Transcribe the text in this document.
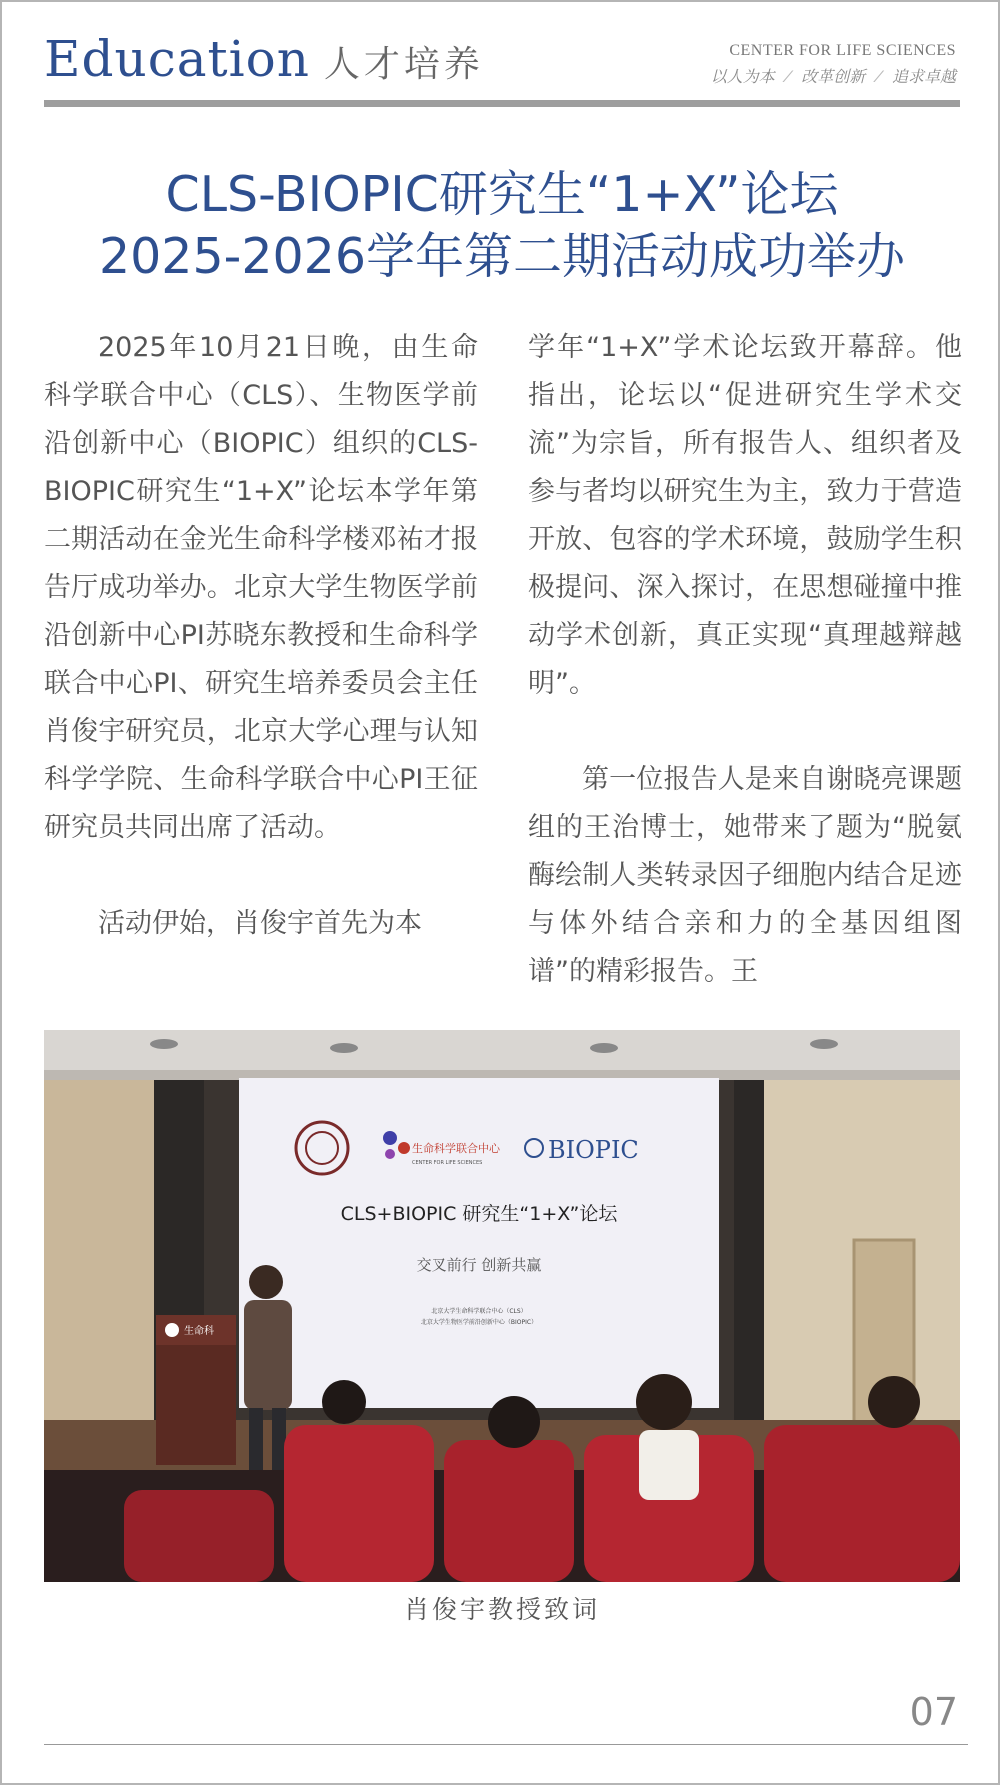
Education 人才培养	CENTER FOR LIFE SCIENCES
以人为本 ⁄ 改革创新 ⁄ 追求卓越
CLS-BIOPIC研究生“1+X”论坛
2025-2026学年第二期活动成功举办

2025年10月21日晚，由生命科学联合中心（CLS）、生物医学前沿创新中心（BIOPIC）组织的CLS-BIOPIC研究生“1+X”论坛本学年第二期活动在金光生命科学楼邓祐才报告厅成功举办。北京大学生物医学前沿创新中心PI苏晓东教授和生命科学联合中心PI、研究生培养委员会主任肖俊宇研究员，北京大学心理与认知科学学院、生命科学联合中心PI王征研究员共同出席了活动。

活动伊始，肖俊宇首先为本

学年“1+X”学术论坛致开幕辞。他指出，论坛以“促进研究生学术交流”为宗旨，所有报告人、组织者及参与者均以研究生为主，致力于营造开放、包容的学术环境，鼓励学生积极提问、深入探讨，在思想碰撞中推动学术创新，真正实现“真理越辩越明”。

第一位报告人是来自谢晓亮课题组的王治博士，她带来了题为“脱氨酶绘制人类转录因子细胞内结合足迹与体外结合亲和力的全基因组图谱”的精彩报告。王

生命科学联合中心
CENTER FOR LIFE SCIENCES	BIOPIC
CLS+BIOPIC 研究生“1+X”论坛
交叉前行 创新共赢
北京大学生命科学联合中心（CLS）
北京大学生物医学前沿创新中心（BIOPIC）
生命科
肖俊宇教授致词
07
